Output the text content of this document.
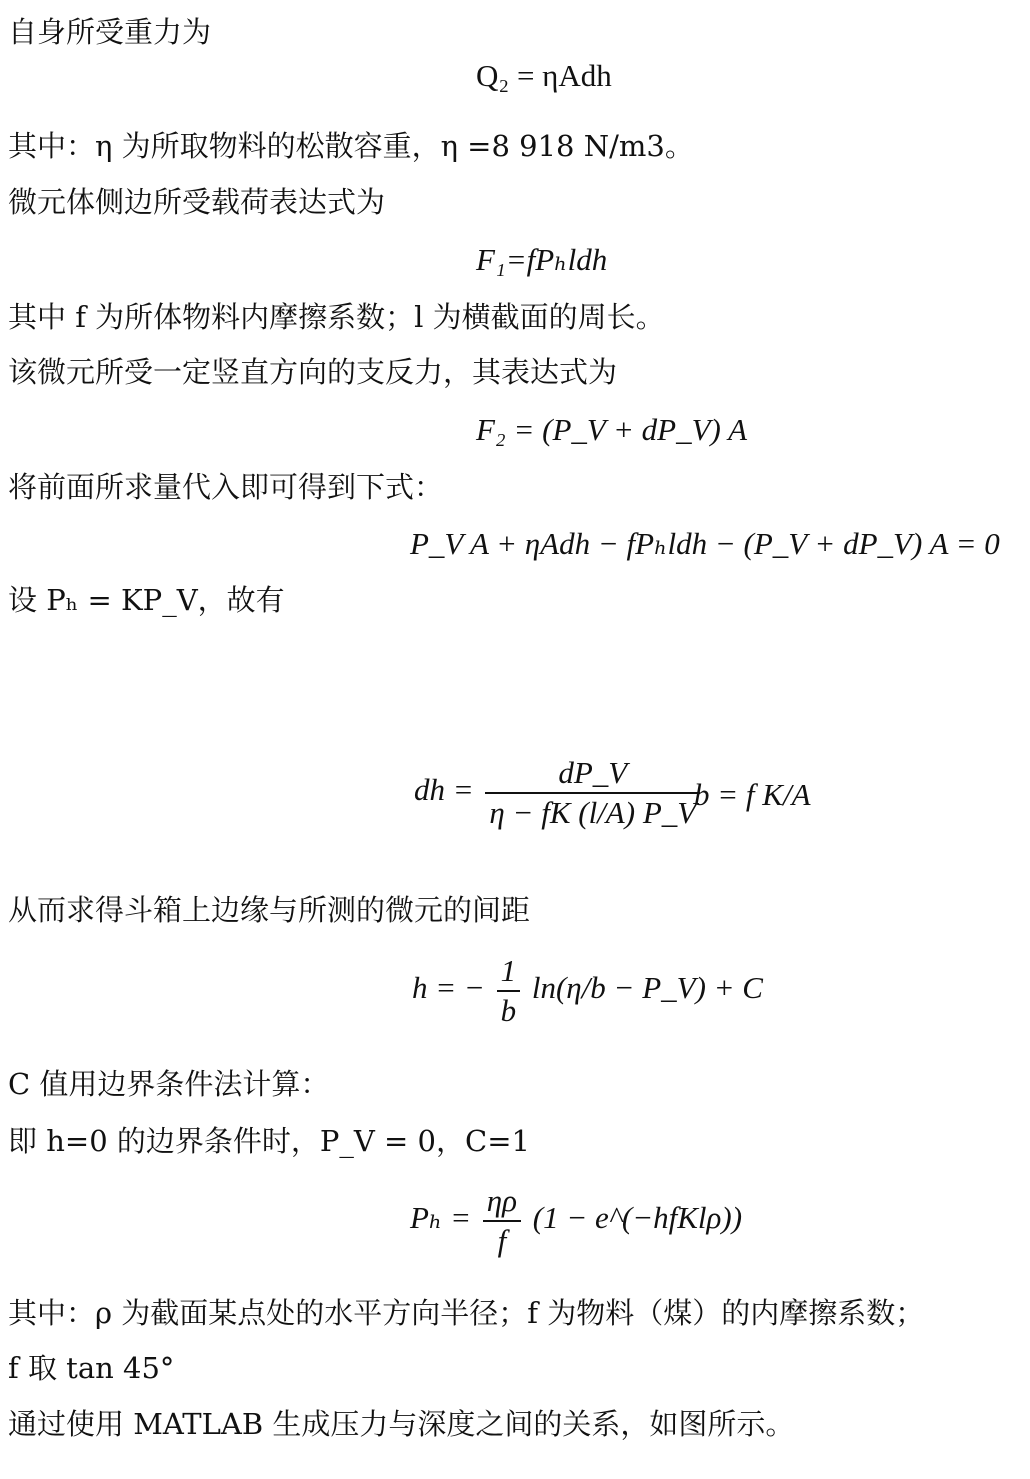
自身所受重力为
Q₂ = ηAdh
其中：η 为所取物料的松散容重，η =8 918 N/m3。
微元体侧边所受载荷表达式为
F₁=fPₕldh
其中 f 为所体物料内摩擦系数；l 为横截面的周长。
该微元所受一定竖直方向的支反力，其表达式为
F₂ = (P_V + dP_V) A
将前面所求量代入即可得到下式：
P_V A + ηAdh − fPₕldh − (P_V + dP_V) A = 0
设 Pₕ = KP_V，故有
dh = $\frac{dP\_V}{\eta - fK (l/A) P\_V}$
b = f K/A
从而求得斗箱上边缘与所测的微元的间距
h = − $\frac{1}{b} \ln(\eta/b$ − P_V) + C
C 值用边界条件法计算：
即 h=0 的边界条件时，P_V = 0，C=1
$P_h = \frac{\eta\rho}{f} (1$ − e^(−hfKlρ))
其中：ρ 为截面某点处的水平方向半径；f 为物料（煤）的内摩擦系数；
f 取 tan 45°
通过使用 MATLAB 生成压力与深度之间的关系，如图所示。
